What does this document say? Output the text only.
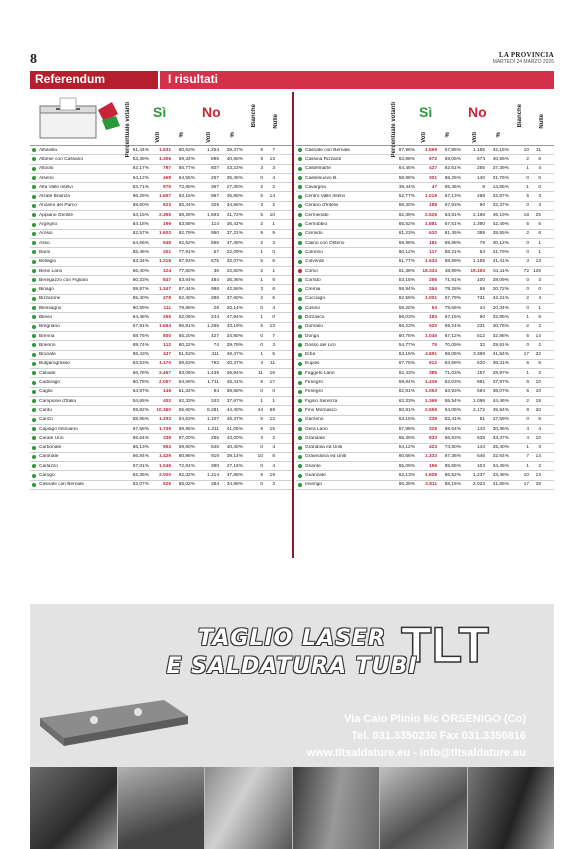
8	LA PROVINCIA
MARTEDÌ 24 MARZO 2026
Referendum	I risultati
Percentuale votanti Sì	No
Voti	%	Voti	%
Bianche	Nulle
Albavilla	61,44%	1.931	60,63%	1.254	39,37%	8	7
Albese con Cassano	63,39%	1.306	59,34%	895	40,66%	9	13
Albiolo	62,17%	797	56,77%	607	43,23%	3	3
Alserio	64,12%	468	64,55%	257	35,45%	0	4
Alta Valle Intelvi	53,71%	975	72,65%	367	27,35%	2	2
Alzate Brianza	66,28%	1.657	63,15%	967	36,85%	6	14
Anzano del Parco	68,60%	623	65,44%	329	34,56%	3	2
Appiano Gentile	64,15%	2.365	58,28%	1.693	41,72%	5	10
Argegno	64,18%	199	63,58%	114	36,42%	2	1
Arosio	62,57%	1.603	62,79%	950	37,21%	9	9
Asso	54,66%	948	62,62%	566	37,38%	2	3
Barni	55,46%	201	77,91%	57	22,09%	1	0
Bellagio	63,34%	1.218	67,93%	575	32,07%	5	6
Bene Lario	56,40%	124	77,50%	36	22,50%	2	1
Beregazzo con Figliaro	60,33%	847	63,64%	484	36,36%	1	8
Binago	59,97%	1.347	57,44%	998	42,56%	3	6
Bizzarone	55,40%	478	62,40%	288	37,60%	2	6
Blessagno	60,59%	111	79,86%	28	20,14%	0	4
Blevio	64,48%	265	52,06%	244	47,94%	1	0
Bregnano	57,91%	1.664	56,81%	1.265	43,19%	6	13
Brenna	68,75%	800	65,20%	427	34,80%	0	7
Brienno	69,74%	112	60,22%	74	39,78%	0	3
Brunate	68,43%	437	51,53%	411	48,47%	1	5
Bulgarograsso	63,53%	1.170	59,63%	792	40,37%	4	11
Cabiate	66,78%	2.457	63,06%	1.439	36,94%	11	16
Cadorago	60,78%	2.057	54,59%	1.711	45,41%	8	17
Caglio	64,97%	149	61,32%	94	38,68%	0	0
Campione d'Italia	54,65%	402	62,33%	243	37,67%	1	1
Cantù	59,82%	10.360	55,60%	8.281	44,40%	44	69
Canzo	58,95%	1.333	54,63%	1.107	45,37%	5	12
Capiago Intimiano	67,58%	1.739	58,95%	1.211	41,05%	8	15
Carate Urio	65,64%	338	57,00%	255	43,00%	3	2
Carbonate	66,13%	953	59,60%	646	40,40%	0	4
Carimate	66,84%	1.429	60,86%	919	39,14%	10	8
Carlazzo	57,01%	1.046	72,84%	390	27,16%	0	4
Carugo	62,35%	2.000	62,32%	1.214	37,68%	8	19
Casnate con Bernate	62,07%	526	65,02%	284	34,98%	0	3
Percentuale votanti Sì	No
Voti	%	Voti	%
Bianche	Nulle
Casnate con Bernate	67,96%	1.599	57,85%	1.165	42,15%	10	11
Cassina Rizzardi	63,88%	972	59,05%	674	40,95%	2	6
Castelmarte	64,45%	427	62,61%	255	37,39%	1	4
Castelnuovo B.	58,88%	301	68,25%	140	31,75%	0	0
Cavargna	39,44%	47	85,45%	8	14,55%	1	0
Centro Valle Intelvi	52,77%	1.019	67,13%	499	32,87%	5	3
Cerano d'Intelvi	58,30%	188	67,63%	90	32,37%	0	3
Cermenate	62,39%	2.526	53,81%	2.168	46,19%	18	25
Cernobbio	65,52%	1.881	57,51%	1.390	42,49%	5	6
Cirimido	61,23%	620	61,45%	389	38,55%	2	6
Claino con Osteno	58,98%	181	69,88%	78	30,12%	0	1
Colonno	60,12%	117	58,21%	84	41,79%	0	1
Colverde	61,77%	1.634	58,59%	1.155	41,41%	3	13
Como	61,38%	18.334	48,89%	19.163	51,11%	72 126
Corrido	53,18%	256	71,91%	100	28,09%	0	3
Cremia	58,94%	264	79,28%	69	20,72%	0	0
Cucciago	62,59%	1.001	57,79%	731	42,21%	2	4
Cusino	59,20%	94	79,66%	24	20,34%	0	1
Dizzasco	59,03%	184	67,15%	90	32,85%	1	6
Domaso	66,23%	520	69,24%	231	30,76%	2	2
Dongo	60,78%	1.045	67,12%	512	32,88%	5	14
Dosso del Liro	54,77%	75	70,09%	32	29,91%	0	2
Erba	63,15%	4.691	58,06%	3.388	41,94%	17	32
Eupilio	67,75%	912	63,69%	520	36,31%	6	5
Faggeto Lario	62,43%	385	71,03%	157	28,97%	1	2
Fenegrò	59,84%	1.439	62,03%	881	37,97%	6	10
Fenegrò	62,81%	1.053	63,93%	594	36,07%	5	10
Figino Serenza	62,33%	1.369	55,54%	1.096	44,46%	2	18
Fino Mornasco	60,81%	2.556	54,06%	2.172	45,94%	9	20
Garzeno	53,15%	239	82,41%	51	17,59%	0	5
Gera Lario	57,98%	328	69,64%	143	30,36%	4	4
Grandate	65,39%	833	56,63%	638	43,37%	4	10
Grandola ed Uniti	54,12%	423	74,60%	144	25,40%	1	3
Gravedona ed Uniti	60,66%	1.333	67,36%	646	32,64%	7	14
Griante	65,09%	196	65,55%	103	34,45%	1	2
Guanzate	62,13%	1.608	56,52%	1.237	43,48%	10	13
Inverigo	66,39%	2.811	58,15%	2.023	41,85%	17	28
TLT
TAGLIO LASER
E SALDATURA TUBI
Via Caio Plinio 8/c ORSENIGO (Co)
Tel. 031.3350230 Fax 031.3350816
www.tltsaldature.eu - info@tltsaldature.eu
